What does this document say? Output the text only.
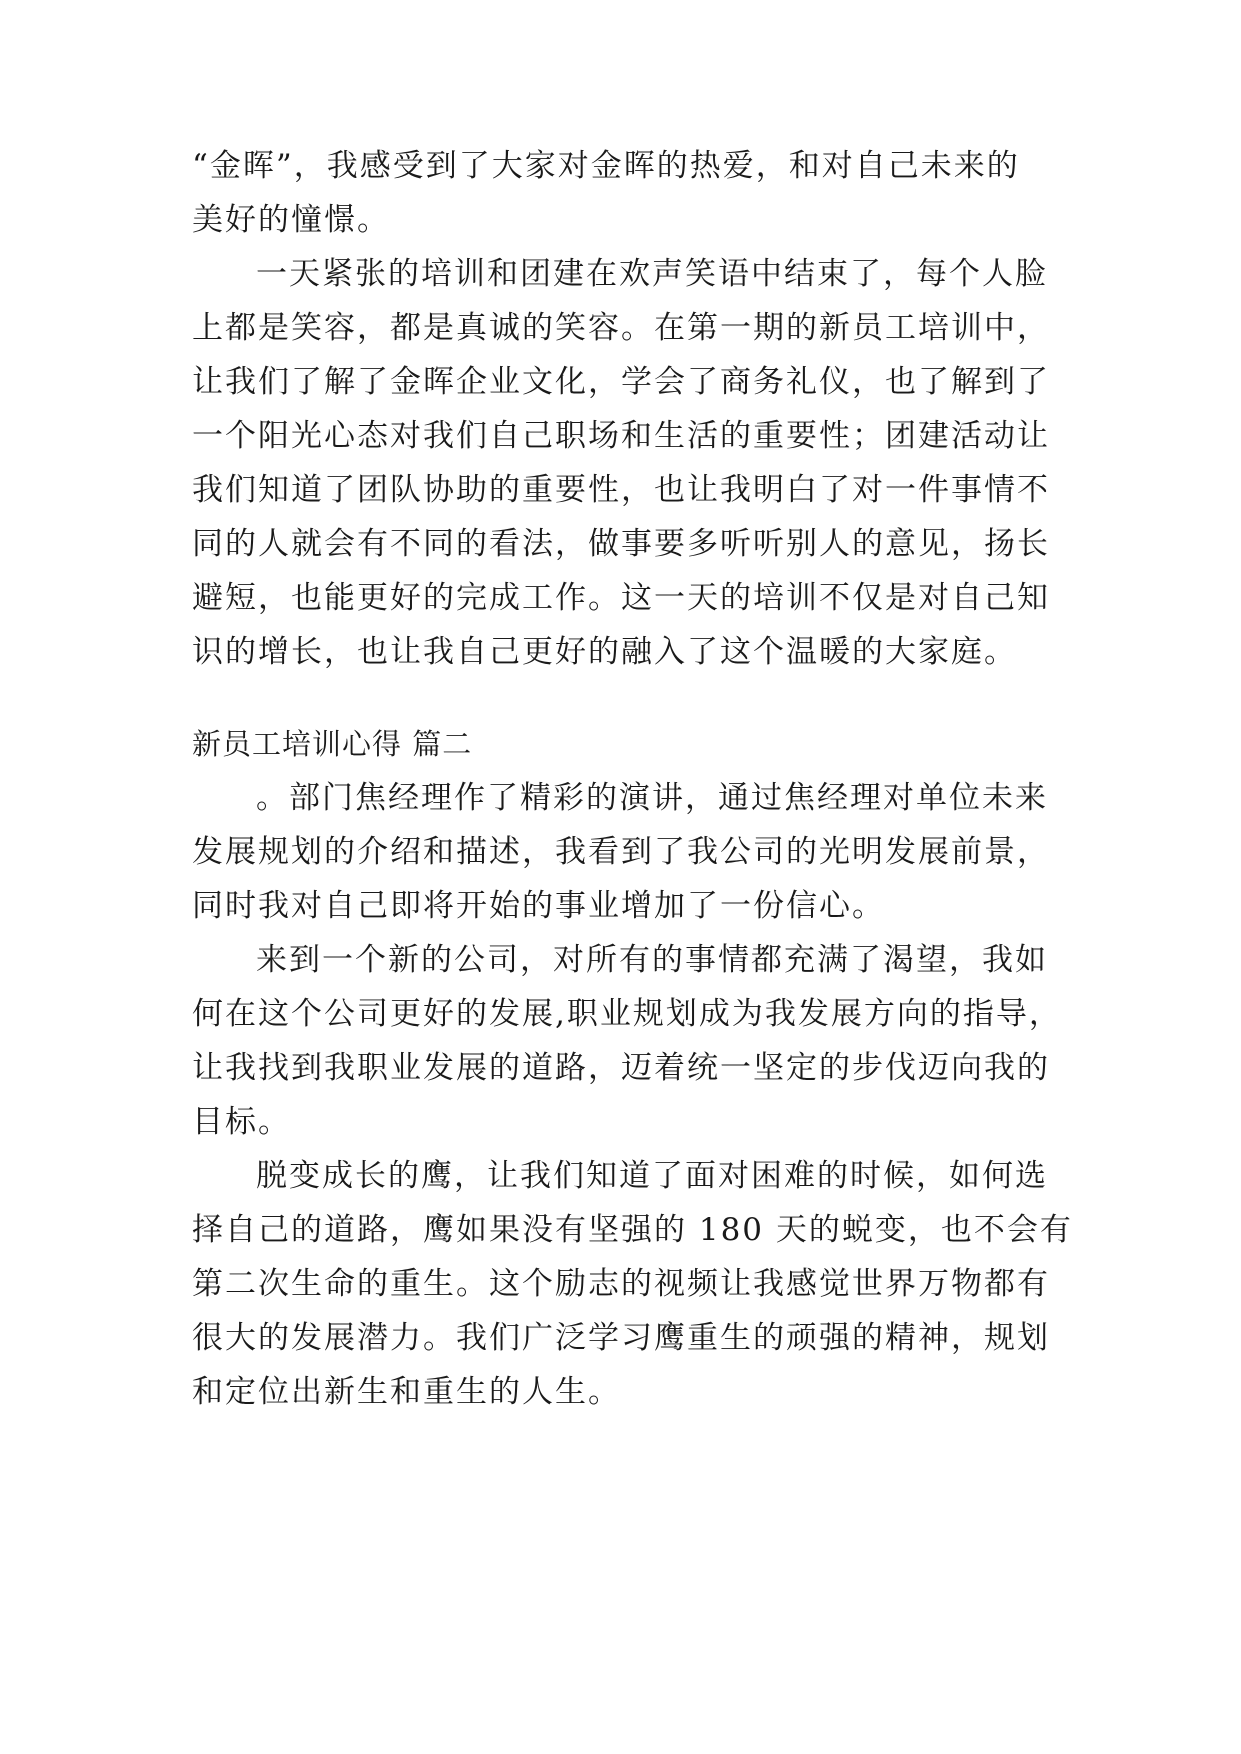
“金晖”，我感受到了大家对金晖的热爱，和对自己未来的
美好的憧憬。
一天紧张的培训和团建在欢声笑语中结束了，每个人脸
上都是笑容，都是真诚的笑容。在第一期的新员工培训中，
让我们了解了金晖企业文化，学会了商务礼仪，也了解到了
一个阳光心态对我们自己职场和生活的重要性；团建活动让
我们知道了团队协助的重要性，也让我明白了对一件事情不
同的人就会有不同的看法，做事要多听听别人的意见，扬长
避短，也能更好的完成工作。这一天的培训不仅是对自己知
识的增长，也让我自己更好的融入了这个温暖的大家庭。
新员工培训心得 篇二
。部门焦经理作了精彩的演讲，通过焦经理对单位未来
发展规划的介绍和描述，我看到了我公司的光明发展前景，
同时我对自己即将开始的事业增加了一份信心。
来到一个新的公司，对所有的事情都充满了渴望，我如
何在这个公司更好的发展,职业规划成为我发展方向的指导，
让我找到我职业发展的道路，迈着统一坚定的步伐迈向我的
目标。
脱变成长的鹰，让我们知道了面对困难的时候，如何选
择自己的道路，鹰如果没有坚强的 180 天的蜕变，也不会有
第二次生命的重生。这个励志的视频让我感觉世界万物都有
很大的发展潜力。我们广泛学习鹰重生的顽强的精神，规划
和定位出新生和重生的人生。
